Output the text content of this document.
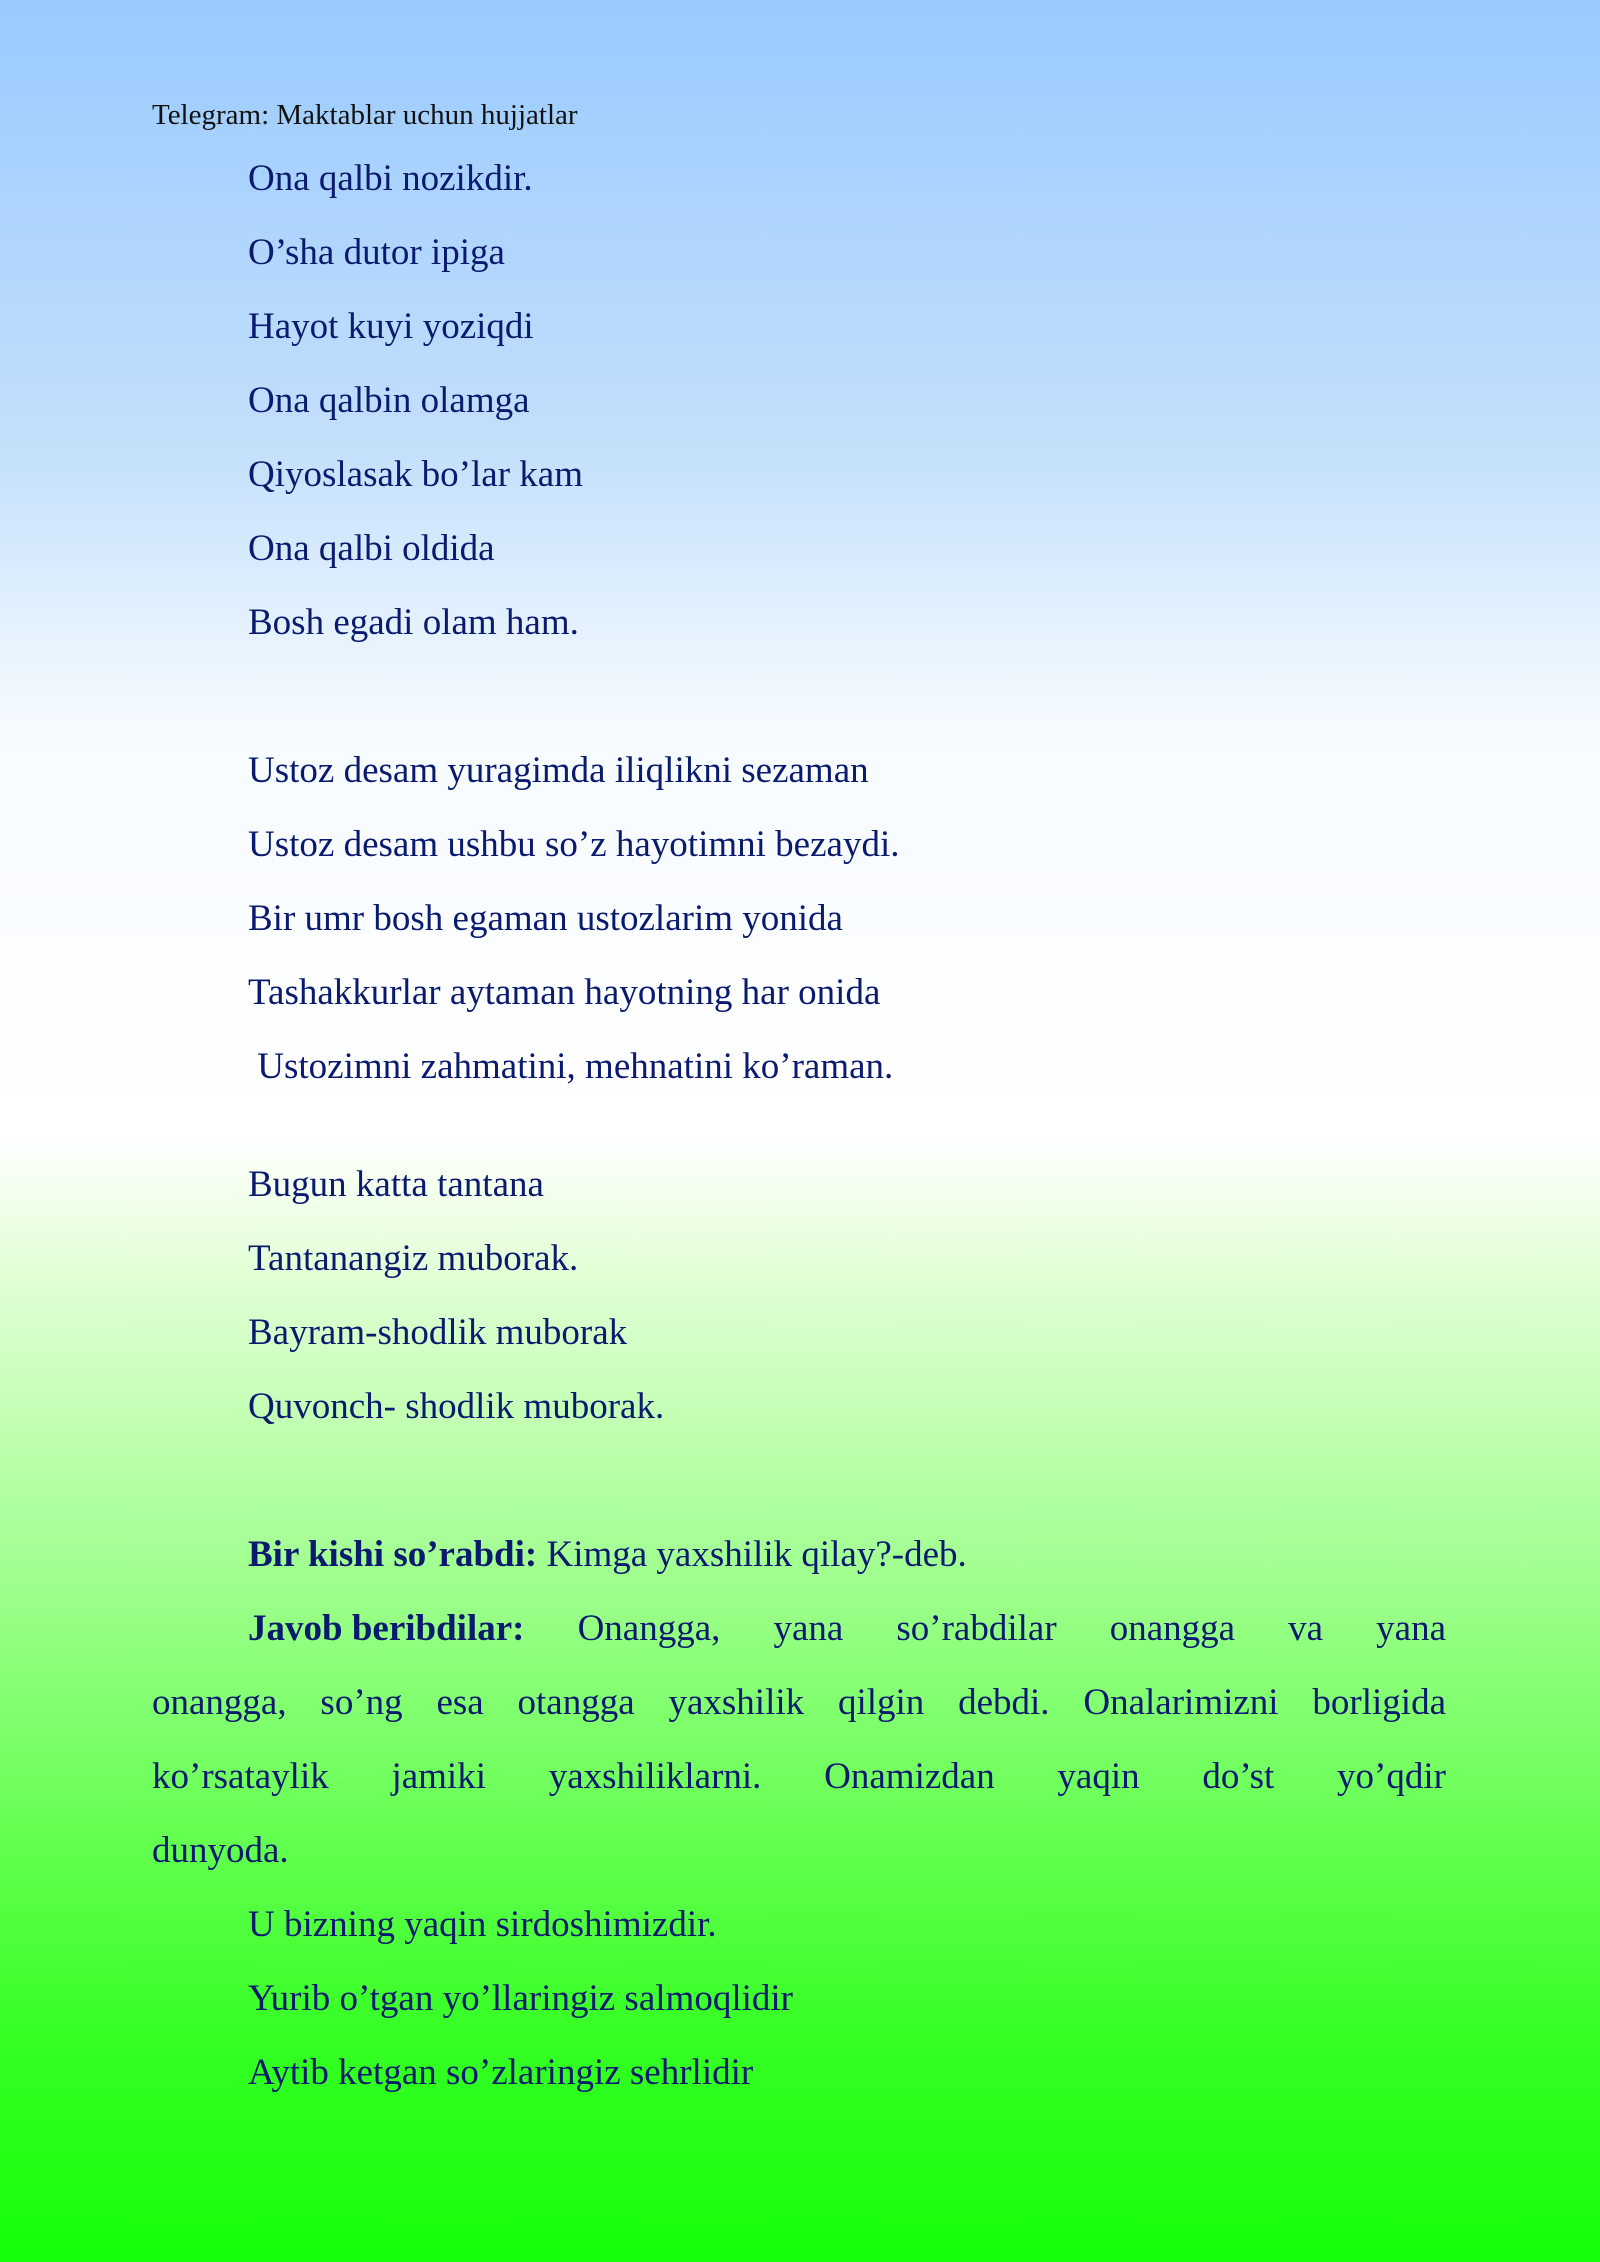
Telegram: Maktablar uchun hujjatlar
Ona qalbi nozikdir.
O’sha dutor ipiga
Hayot kuyi yoziqdi
Ona qalbin olamga
Qiyoslasak bo’lar kam
Ona qalbi oldida
Bosh egadi olam ham.
Ustoz desam yuragimda iliqlikni sezaman
Ustoz desam ushbu so’z hayotimni bezaydi.
Bir umr bosh egaman ustozlarim yonida
Tashakkurlar aytaman hayotning har onida
Ustozimni zahmatini, mehnatini ko’raman.
Bugun katta tantana
Tantanangiz muborak.
Bayram-shodlik muborak
Quvonch- shodlik muborak.
Bir kishi so’rabdi: Kimga yaxshilik qilay?-deb.
Javob beribdilar: Onangga, yana so’rabdilar onangga va yana
onangga, so’ng esa otangga yaxshilik qilgin debdi. Onalarimizni borligida
ko’rsataylik jamiki yaxshiliklarni. Onamizdan yaqin do’st yo’qdir
dunyoda.
U bizning yaqin sirdoshimizdir.
Yurib o’tgan yo’llaringiz salmoqlidir
Aytib ketgan so’zlaringiz sehrlidir
